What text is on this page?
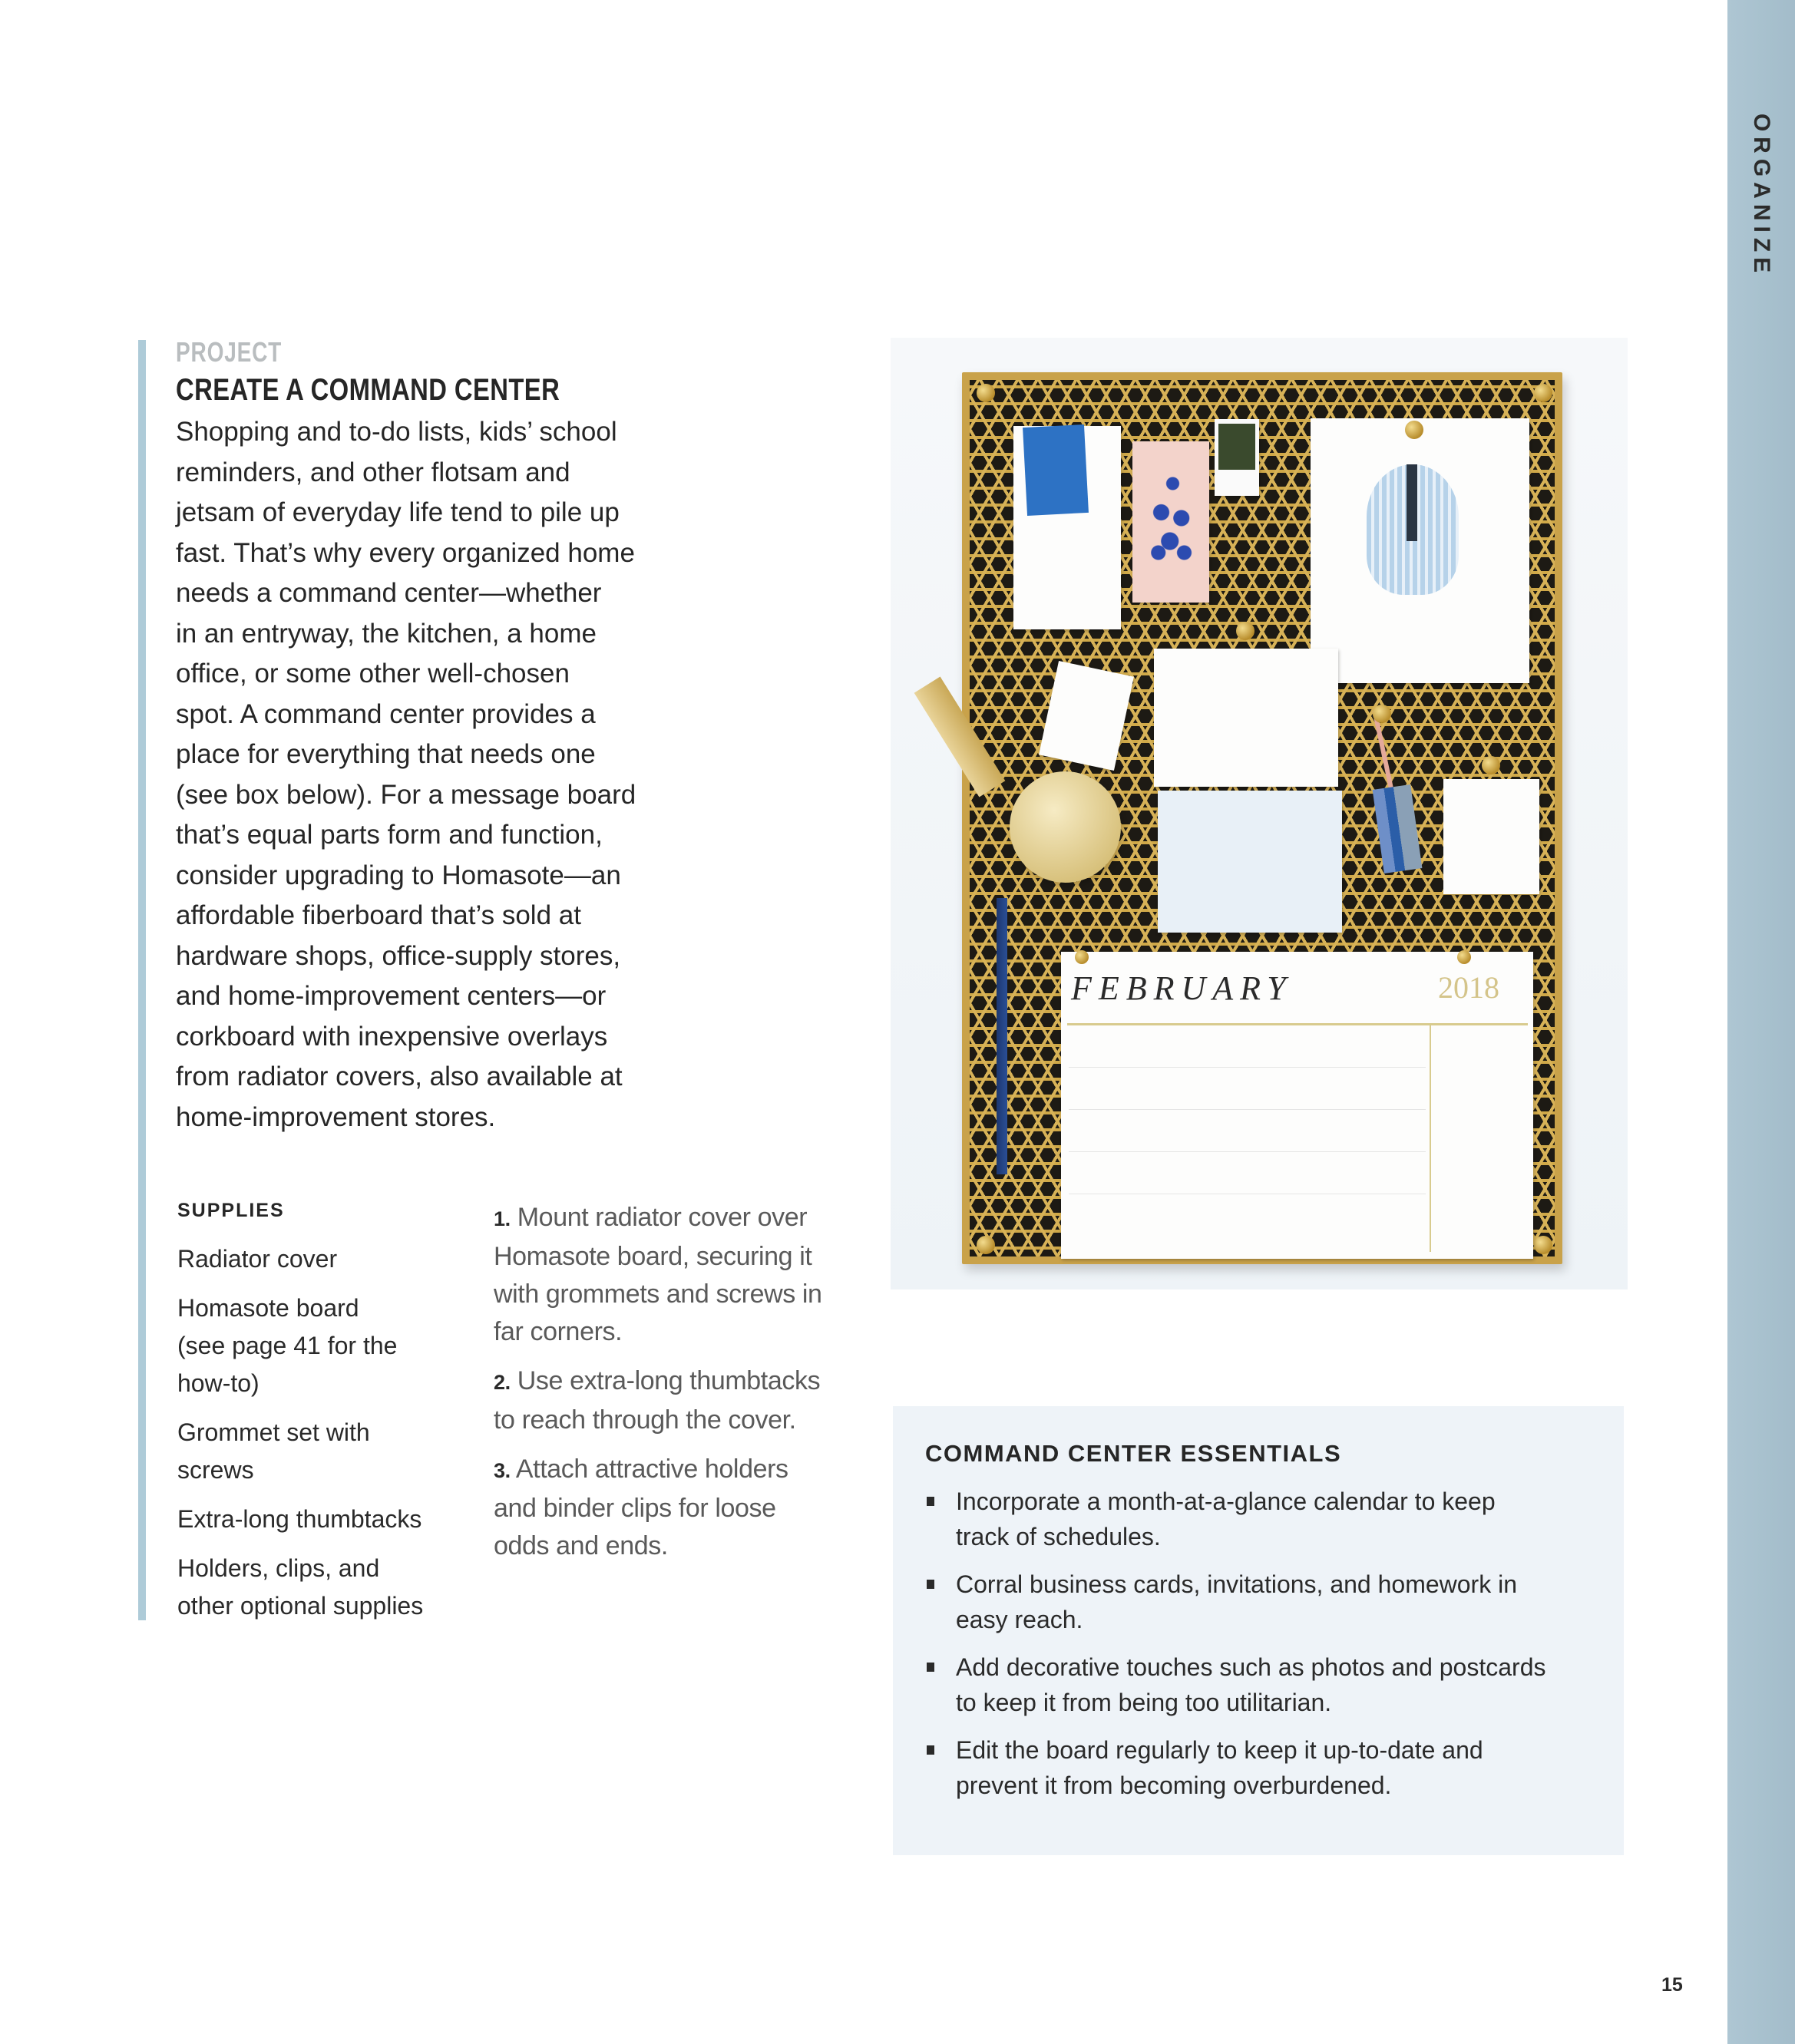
ORGANIZE
PROJECT
CREATE A COMMAND CENTER

Shopping and to-do lists, kids’ school
reminders, and other flotsam and
jetsam of everyday life tend to pile up
fast. That’s why every organized home
needs a command center—whether
in an entryway, the kitchen, a home
office, or some other well-chosen
spot. A command center provides a
place for everything that needs one
(see box below). For a message board
that’s equal parts form and function,
consider upgrading to Homasote—an
affordable fiberboard that’s sold at
hardware shops, office-supply stores,
and home-improvement centers—or
corkboard with inexpensive overlays
from radiator covers, also available at
home-improvement stores.

SUPPLIES
Radiator cover
Homasote board
(see page 41 for the
how-to)
Grommet set with
screws
Extra-long thumbtacks
Holders, clips, and
other optional supplies
1. Mount radiator cover over
Homasote board, securing it
with grommets and screws in
far corners.
2. Use extra-long thumbtacks
to reach through the cover.
3. Attach attractive holders
and binder clips for loose
odds and ends.
FEBRUARY	2018
COMMAND CENTER ESSENTIALS
Incorporate a month-at-a-glance calendar to keep
track of schedules.
Corral business cards, invitations, and homework in
easy reach.
Add decorative touches such as photos and postcards
to keep it from being too utilitarian.
Edit the board regularly to keep it up-to-date and
prevent it from becoming overburdened.
15
